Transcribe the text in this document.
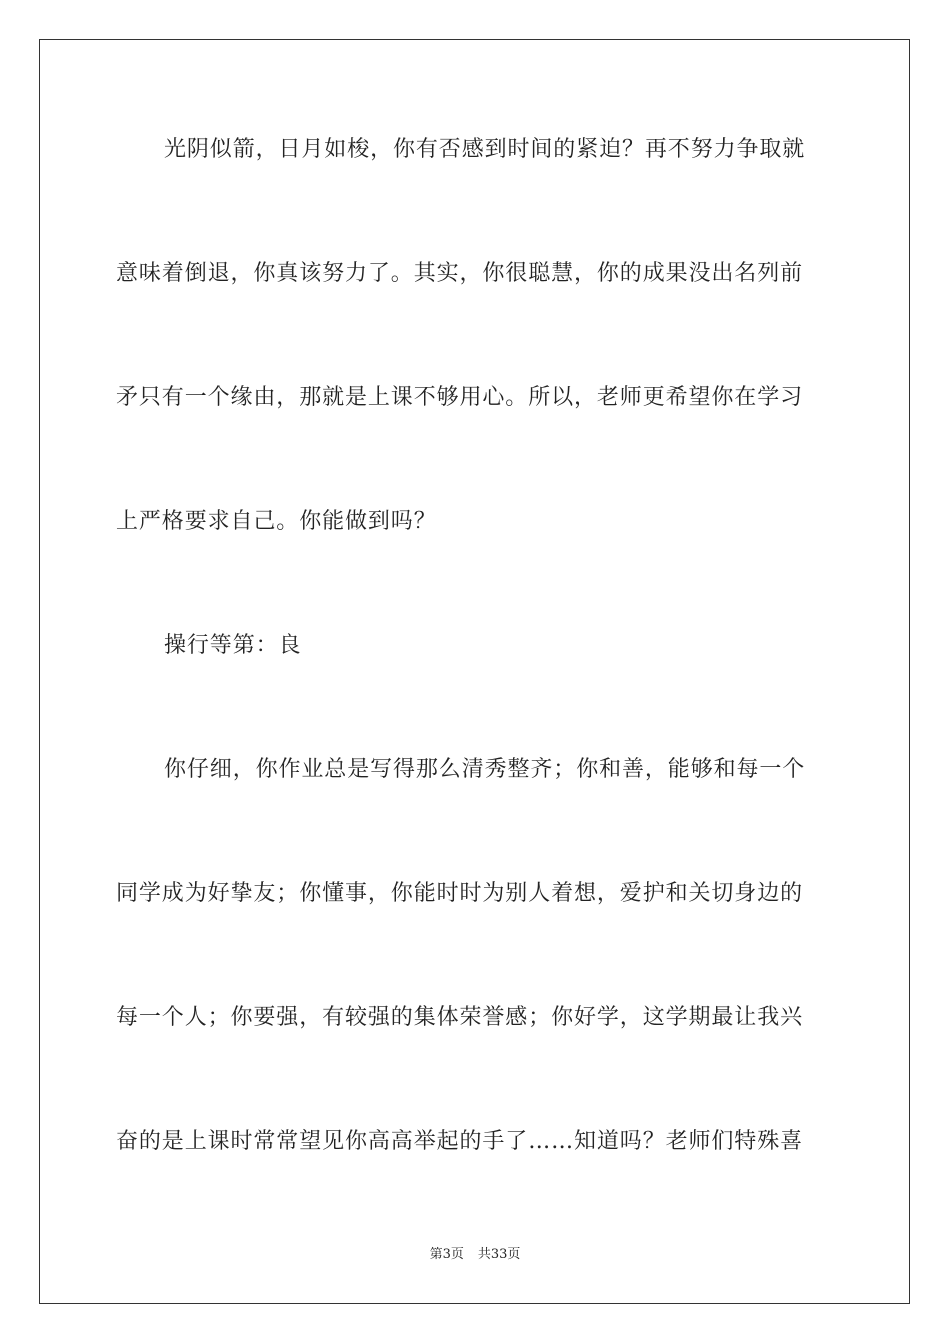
光阴似箭，日月如梭，你有否感到时间的紧迫？再不努力争取就
意味着倒退，你真该努力了。其实，你很聪慧，你的成果没出名列前
矛只有一个缘由，那就是上课不够用心。所以，老师更希望你在学习
上严格要求自己。你能做到吗？
操行等第：良
你仔细，你作业总是写得那么清秀整齐；你和善，能够和每一个
同学成为好挚友；你懂事，你能时时为别人着想，爱护和关切身边的
每一个人；你要强，有较强的集体荣誉感；你好学，这学期最让我兴
奋的是上课时常常望见你高高举起的手了……知道吗？老师们特殊喜
第3页 共33页
